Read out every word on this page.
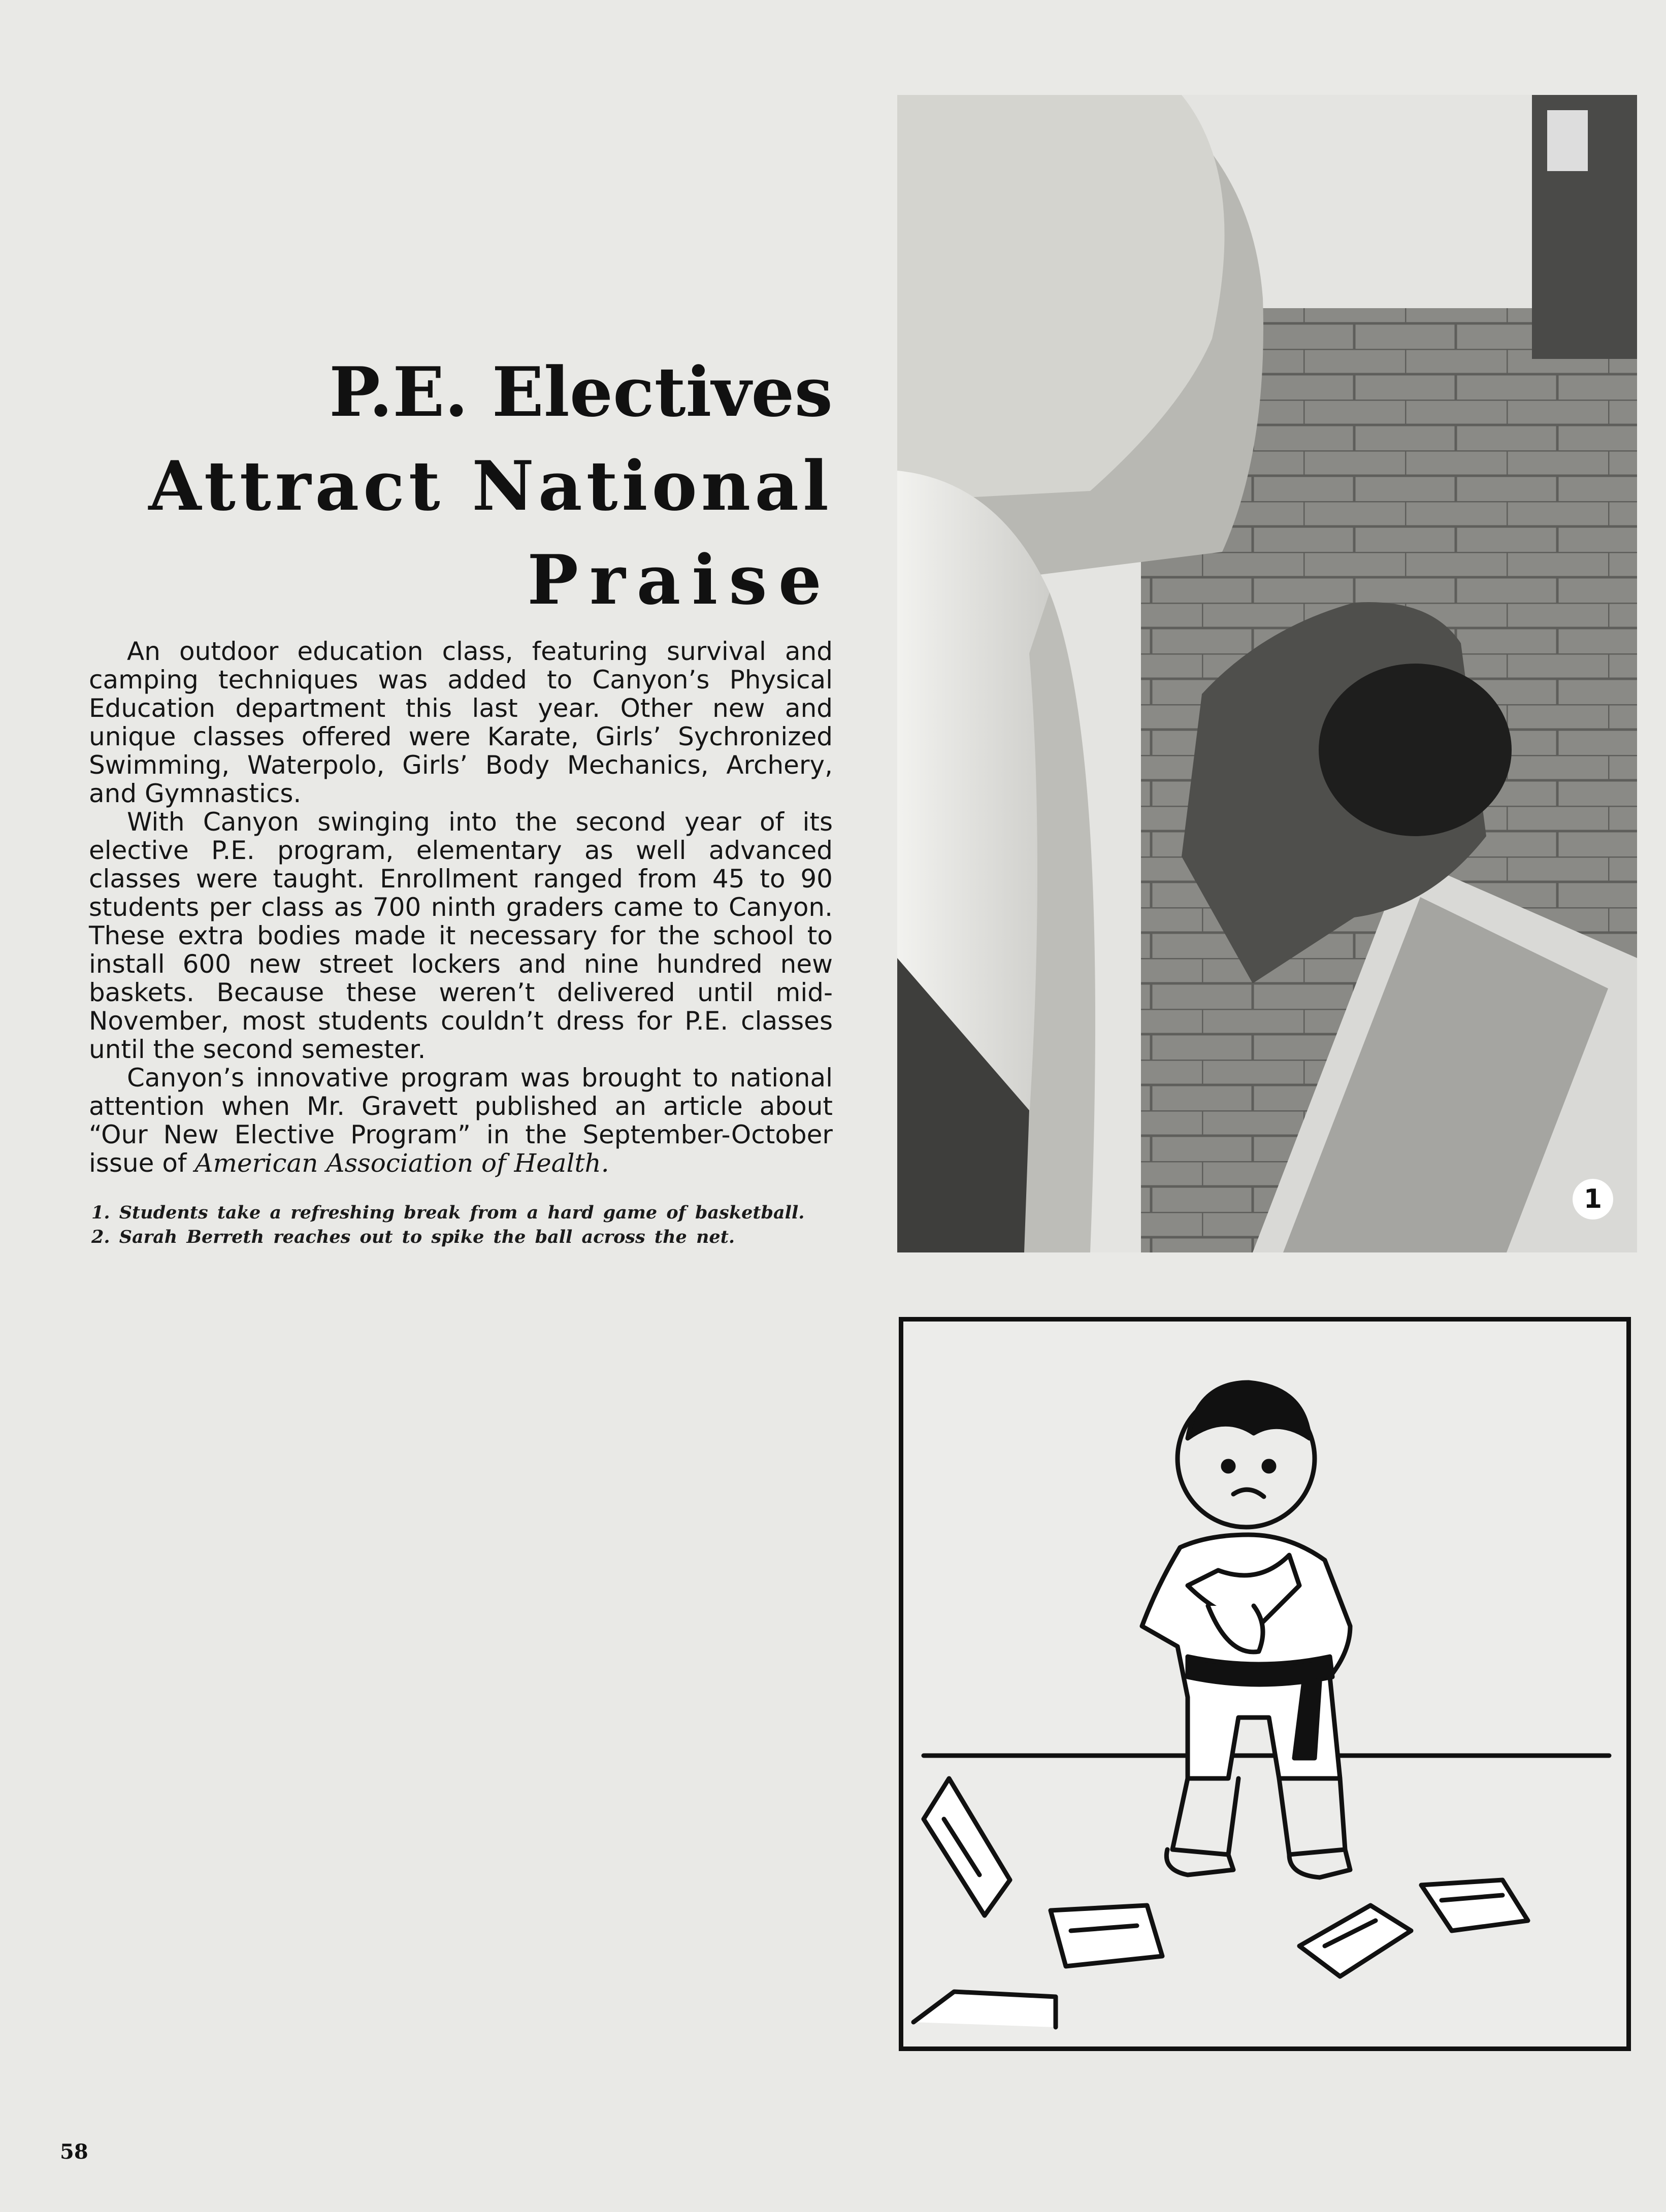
P.E. Electives
Attract National
Praise

An outdoor education class, featuring survival and camping techniques was added to Canyon’s Physical Education department this last year. Other new and unique classes offered were Karate, Girls’ Sychronized Swimming, Waterpolo, Girls’ Body Mechanics, Archery, and Gymnastics.

With Canyon swinging into the second year of its elective P.E. program, elementary as well advanced classes were taught. Enrollment ranged from 45 to 90 students per class as 700 ninth graders came to Canyon. These extra bodies made it necessary for the school to install 600 new street lockers and nine hundred new baskets. Because these weren’t delivered until mid-November, most students couldn’t dress for P.E. classes until the second semester.

Canyon’s innovative program was brought to national attention when Mr. Gravett published an article about “Our New Elective Program” in the September-October issue of American Association of Health.

1. Students take a refreshing break from a hard game of basketball.
2. Sarah Berreth reaches out to spike the ball across the net.
1
58
